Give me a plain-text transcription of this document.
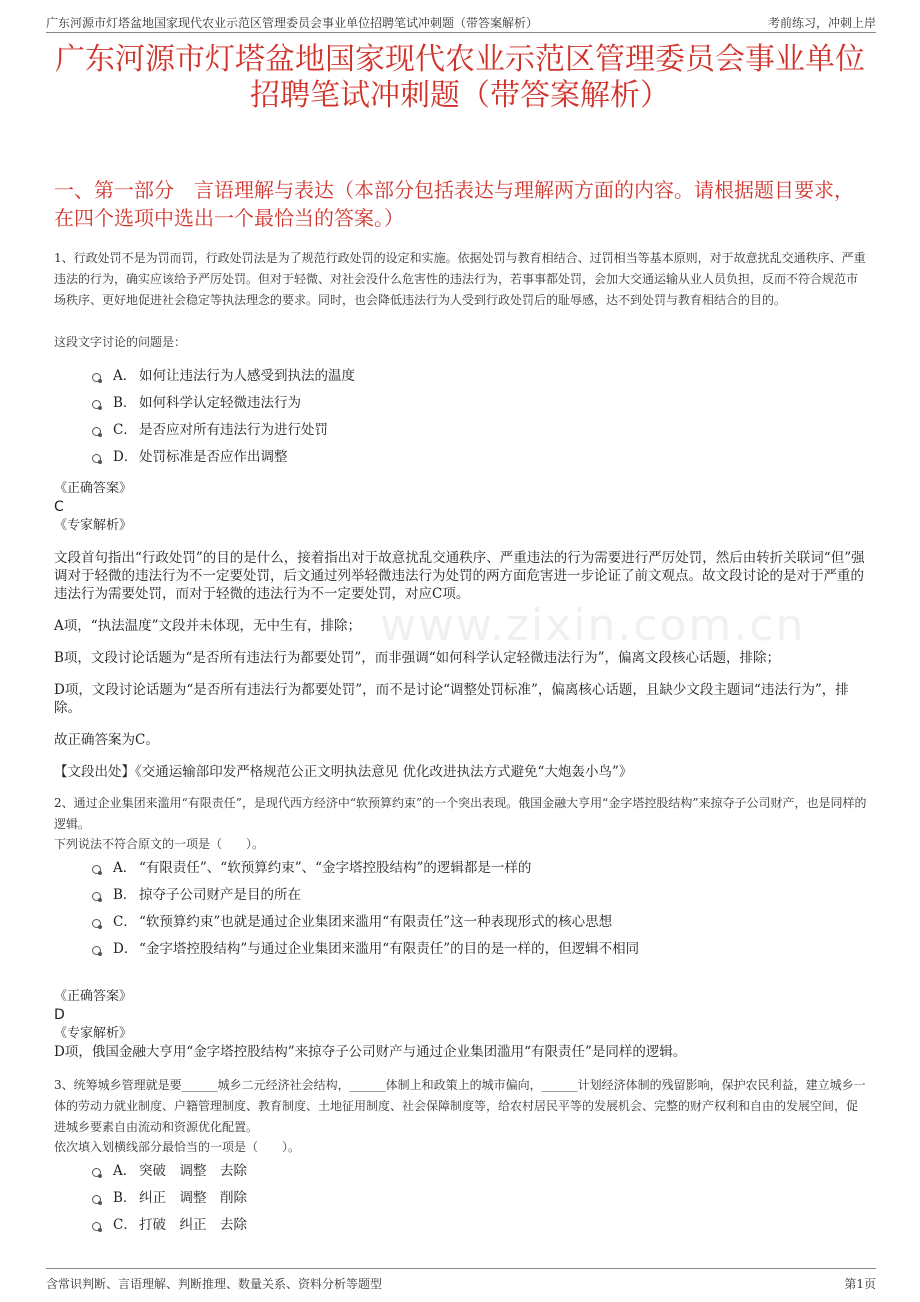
广东河源市灯塔盆地国家现代农业示范区管理委员会事业单位招聘笔试冲刺题（带答案解析）	考前练习，冲刺上岸
广东河源市灯塔盆地国家现代农业示范区管理委员会事业单位
招聘笔试冲刺题（带答案解析）
一、第一部分　言语理解与表达（本部分包括表达与理解两方面的内容。请根据题目要求，在四个选项中选出一个最恰当的答案。）
www.zixin.com.cn

1、行政处罚不是为罚而罚，行政处罚法是为了规范行政处罚的设定和实施。依据处罚与教育相结合、过罚相当等基本原则，对于故意扰乱交通秩序、严重违法的行为，确实应该给予严厉处罚。但对于轻微、对社会没什么危害性的违法行为，若事事都处罚，会加大交通运输从业人员负担，反而不符合规范市场秩序、更好地促进社会稳定等执法理念的要求。同时，也会降低违法行为人受到行政处罚后的耻辱感，达不到处罚与教育相结合的目的。

这段文字讨论的问题是：

A． 如何让违法行为人感受到执法的温度
B． 如何科学认定轻微违法行为
C． 是否应对所有违法行为进行处罚
D． 处罚标准是否应作出调整

《正确答案》

C

《专家解析》

文段首句指出“行政处罚”的目的是什么，接着指出对于故意扰乱交通秩序、严重违法的行为需要进行严厉处罚，然后由转折关联词“但”强调对于轻微的违法行为不一定要处罚，后文通过列举轻微违法行为处罚的两方面危害进一步论证了前文观点。故文段讨论的是对于严重的违法行为需要处罚，而对于轻微的违法行为不一定要处罚，对应C项。

A项，“执法温度”文段并未体现，无中生有，排除；

B项，文段讨论话题为“是否所有违法行为都要处罚”，而非强调“如何科学认定轻微违法行为”，偏离文段核心话题，排除；

D项，文段讨论话题为“是否所有违法行为都要处罚”，而不是讨论“调整处罚标准”，偏离核心话题，且缺少文段主题词“违法行为”，排除。

故正确答案为C。

【文段出处】《交通运输部印发严格规范公正文明执法意见 优化改进执法方式避免“大炮轰小鸟”》

2、通过企业集团来滥用“有限责任”，是现代西方经济中“软预算约束”的一个突出表现。俄国金融大亨用“金字塔控股结构”来掠夺子公司财产，也是同样的逻辑。

下列说法不符合原文的一项是（　　）。

A． “有限责任”、“软预算约束”、“金字塔控股结构”的逻辑都是一样的
B． 掠夺子公司财产是目的所在
C． “软预算约束”也就是通过企业集团来滥用“有限责任”这一种表现形式的核心思想
D． “金字塔控股结构”与通过企业集团来滥用“有限责任”的目的是一样的，但逻辑不相同

《正确答案》

D

《专家解析》

D项，俄国金融大亨用“金字塔控股结构”来掠夺子公司财产与通过企业集团滥用“有限责任”是同样的逻辑。

3、统筹城乡管理就是要______城乡二元经济社会结构，______体制上和政策上的城市偏向，______计划经济体制的残留影响，保护农民利益，建立城乡一体的劳动力就业制度、户籍管理制度、教育制度、土地征用制度、社会保障制度等，给农村居民平等的发展机会、完整的财产权利和自由的发展空间，促进城乡要素自由流动和资源优化配置。

依次填入划横线部分最恰当的一项是（　　）。

A． 突破　调整　去除
B． 纠正　调整　削除
C． 打破　纠正　去除
含常识判断、言语理解、判断推理、数量关系、资料分析等题型	第1页
